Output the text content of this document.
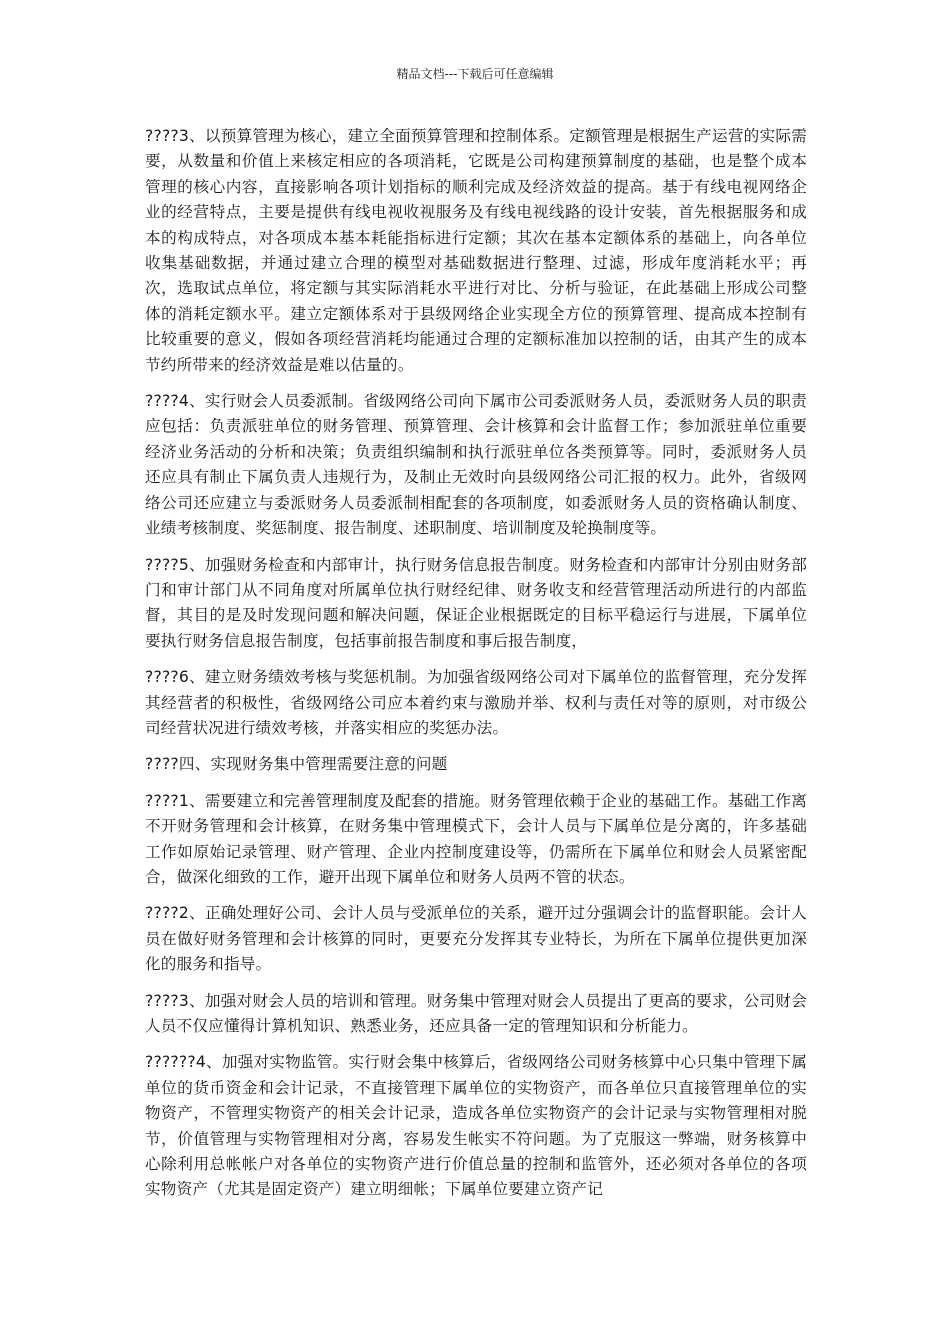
精品文档---下载后可任意编辑

????3、以预算管理为核心，建立全面预算管理和控制体系。定额管理是根据生产运营的实际需要，从数量和价值上来核定相应的各项消耗，它既是公司构建预算制度的基础，也是整个成本管理的核心内容，直接影响各项计划指标的顺利完成及经济效益的提高。基于有线电视网络企业的经营特点，主要是提供有线电视收视服务及有线电视线路的设计安装，首先根据服务和成本的构成特点，对各项成本基本耗能指标进行定额；其次在基本定额体系的基础上，向各单位收集基础数据，并通过建立合理的模型对基础数据进行整理、过滤，形成年度消耗水平；再次，选取试点单位，将定额与其实际消耗水平进行对比、分析与验证，在此基础上形成公司整体的消耗定额水平。建立定额体系对于县级网络企业实现全方位的预算管理、提高成本控制有比较重要的意义，假如各项经营消耗均能通过合理的定额标准加以控制的话，由其产生的成本节约所带来的经济效益是难以估量的。

????4、实行财会人员委派制。省级网络公司向下属市公司委派财务人员，委派财务人员的职责应包括：负责派驻单位的财务管理、预算管理、会计核算和会计监督工作；参加派驻单位重要经济业务活动的分析和决策；负责组织编制和执行派驻单位各类预算等。同时，委派财务人员还应具有制止下属负责人违规行为，及制止无效时向县级网络公司汇报的权力。此外，省级网络公司还应建立与委派财务人员委派制相配套的各项制度，如委派财务人员的资格确认制度、业绩考核制度、奖惩制度、报告制度、述职制度、培训制度及轮换制度等。

????5、加强财务检查和内部审计，执行财务信息报告制度。财务检查和内部审计分别由财务部门和审计部门从不同角度对所属单位执行财经纪律、财务收支和经营管理活动所进行的内部监督，其目的是及时发现问题和解决问题，保证企业根据既定的目标平稳运行与进展，下属单位要执行财务信息报告制度，包括事前报告制度和事后报告制度，

????6、建立财务绩效考核与奖惩机制。为加强省级网络公司对下属单位的监督管理，充分发挥其经营者的积极性，省级网络公司应本着约束与激励并举、权利与责任对等的原则，对市级公司经营状况进行绩效考核，并落实相应的奖惩办法。

????四、实现财务集中管理需要注意的问题

????1、需要建立和完善管理制度及配套的措施。财务管理依赖于企业的基础工作。基础工作离不开财务管理和会计核算，在财务集中管理模式下，会计人员与下属单位是分离的，许多基础工作如原始记录管理、财产管理、企业内控制度建设等，仍需所在下属单位和财会人员紧密配合，做深化细致的工作，避开出现下属单位和财务人员两不管的状态。

????2、正确处理好公司、会计人员与受派单位的关系，避开过分强调会计的监督职能。会计人员在做好财务管理和会计核算的同时，更要充分发挥其专业特长，为所在下属单位提供更加深化的服务和指导。

????3、加强对财会人员的培训和管理。财务集中管理对财会人员提出了更高的要求，公司财会人员不仅应懂得计算机知识、熟悉业务，还应具备一定的管理知识和分析能力。

??????4、加强对实物监管。实行财会集中核算后，省级网络公司财务核算中心只集中管理下属单位的货币资金和会计记录，不直接管理下属单位的实物资产，而各单位只直接管理单位的实物资产，不管理实物资产的相关会计记录，造成各单位实物资产的会计记录与实物管理相对脱节，价值管理与实物管理相对分离，容易发生帐实不符问题。为了克服这一弊端，财务核算中心除利用总帐帐户对各单位的实物资产进行价值总量的控制和监管外，还必须对各单位的各项实物资产（尤其是固定资产）建立明细帐；下属单位要建立资产记
